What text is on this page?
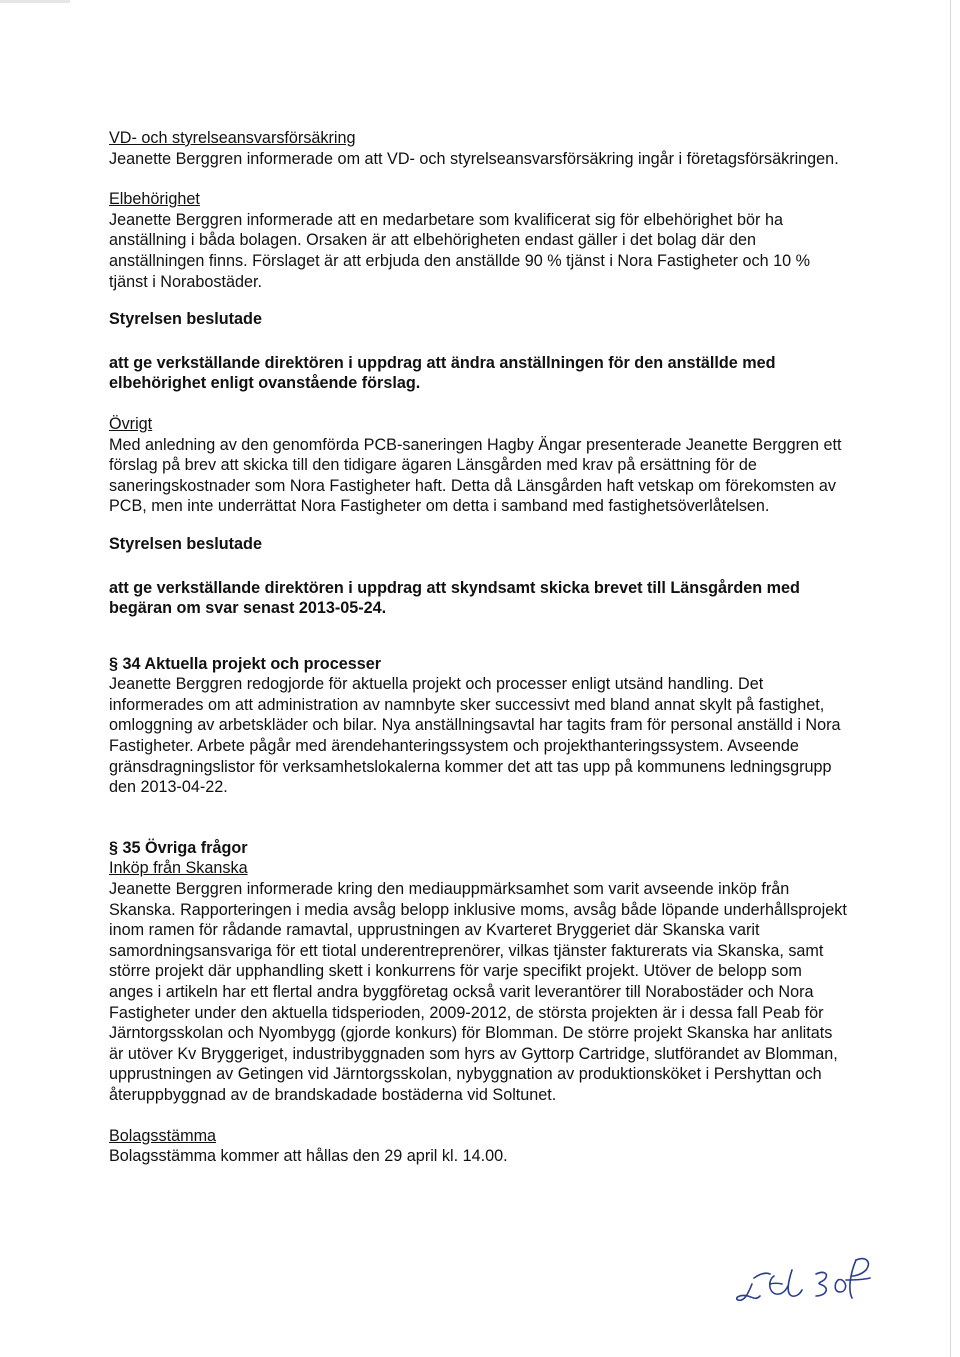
VD- och styrelseansvarsförsäkring

Jeanette Berggren informerade om att VD- och styrelseansvarsförsäkring ingår i företagsförsäkringen.

Elbehörighet

Jeanette Berggren informerade att en medarbetare som kvalificerat sig för elbehörighet bör ha anställning i båda bolagen. Orsaken är att elbehörigheten endast gäller i det bolag där den anställningen finns. Förslaget är att erbjuda den anställde 90 % tjänst i Nora Fastigheter och 10 % tjänst i Norabostäder.

Styrelsen beslutade

att ge verkställande direktören i uppdrag att ändra anställningen för den anställde med elbehörighet enligt ovanstående förslag.

Övrigt

Med anledning av den genomförda PCB-saneringen Hagby Ängar presenterade Jeanette Berggren ett förslag på brev att skicka till den tidigare ägaren Länsgården med krav på ersättning för de saneringskostnader som Nora Fastigheter haft. Detta då Länsgården haft vetskap om förekomsten av PCB, men inte underrättat Nora Fastigheter om detta i samband med fastighetsöverlåtelsen.

Styrelsen beslutade

att ge verkställande direktören i uppdrag att skyndsamt skicka brevet till Länsgården med begäran om svar senast 2013-05-24.

§ 34 Aktuella projekt och processer

Jeanette Berggren redogjorde för aktuella projekt och processer enligt utsänd handling. Det informerades om att administration av namnbyte sker successivt med bland annat skylt på fastighet, omloggning av arbetskläder och bilar. Nya anställningsavtal har tagits fram för personal anställd i Nora Fastigheter. Arbete pågår med ärendehanteringssystem och projekthanteringssystem. Avseende gränsdragningslistor för verksamhetslokalerna kommer det att tas upp på kommunens ledningsgrupp den 2013-04-22.

§ 35 Övriga frågor

Inköp från Skanska

Jeanette Berggren informerade kring den mediauppmärksamhet som varit avseende inköp från Skanska. Rapporteringen i media avsåg belopp inklusive moms, avsåg både löpande underhållsprojekt inom ramen för rådande ramavtal, upprustningen av Kvarteret Bryggeriet där Skanska varit samordningsansvariga för ett tiotal underentreprenörer, vilkas tjänster fakturerats via Skanska, samt större projekt där upphandling skett i konkurrens för varje specifikt projekt. Utöver de belopp som anges i artikeln har ett flertal andra byggföretag också varit leverantörer till Norabostäder och Nora Fastigheter under den aktuella tidsperioden, 2009-2012, de största projekten är i dessa fall Peab för Järntorgsskolan och Nyombygg (gjorde konkurs) för Blomman. De större projekt Skanska har anlitats är utöver Kv Bryggeriget, industribyggnaden som hyrs av Gyttorp Cartridge, slutförandet av Blomman, upprustningen av Getingen vid Järntorgsskolan, nybyggnation av produktionsköket i Pershyttan och återuppbyggnad av de brandskadade bostäderna vid Soltunet.

Bolagsstämma

Bolagsstämma kommer att hållas den 29 april kl. 14.00.
